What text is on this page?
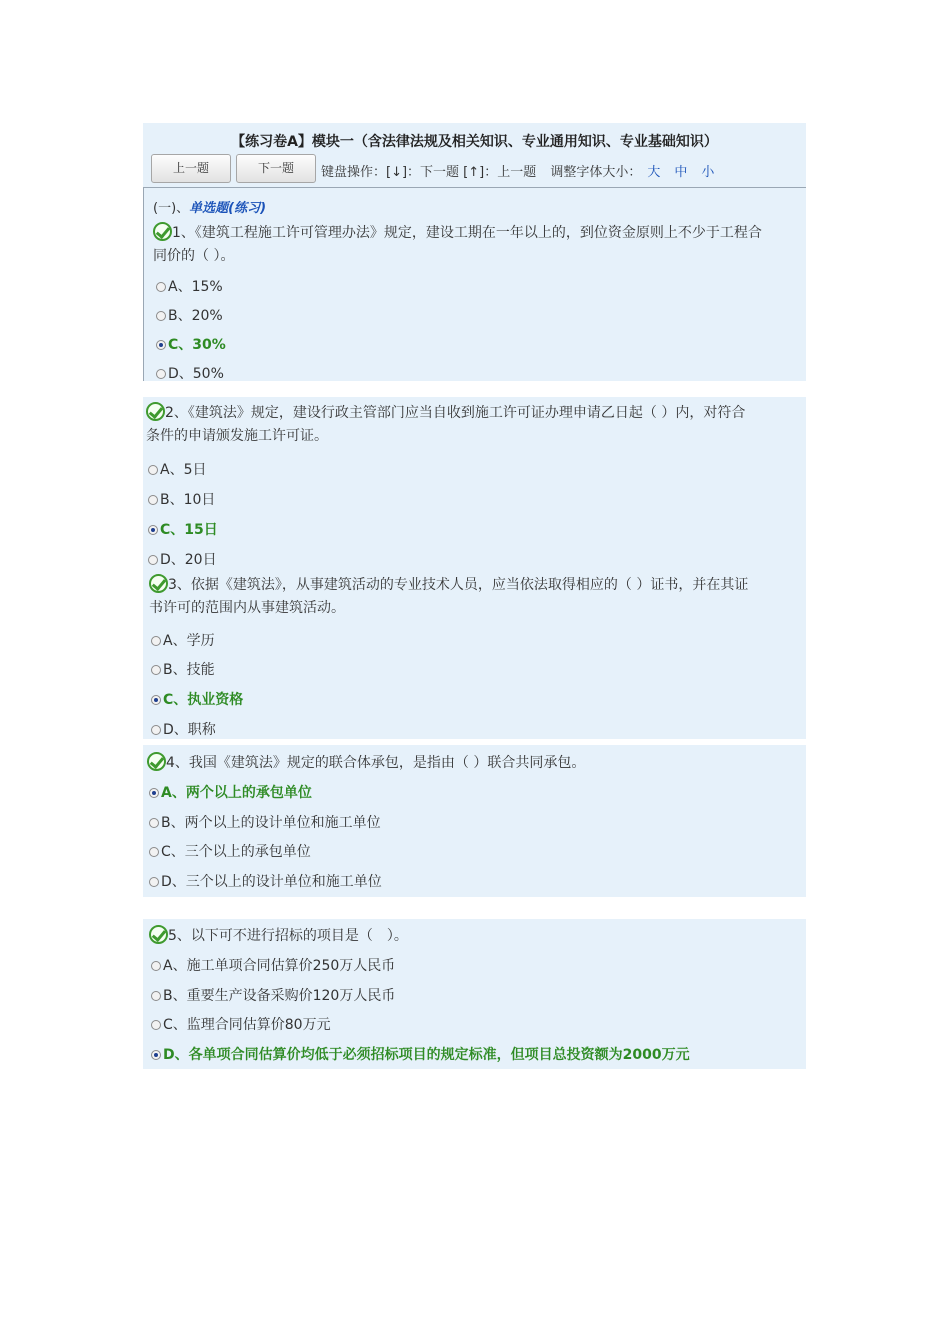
【练习卷A】模块一（含法律法规及相关知识、专业通用知识、专业基础知识）
上一题	下一题	键盘操作：[↓]：下一题 [↑]：上一题 调整字体大小： 大 中 小
(一)、单选题(练习)
1、《建筑工程施工许可管理办法》规定，建设工期在一年以上的，到位资金原则上不少于工程合
同价的（ ）。
A、15%
B、20%
C、30%
D、50%
2、《建筑法》规定，建设行政主管部门应当自收到施工许可证办理申请乙日起（ ）内，对符合
条件的申请颁发施工许可证。
A、5日
B、10日
C、15日
D、20日
3、依据《建筑法》，从事建筑活动的专业技术人员，应当依法取得相应的（ ）证书，并在其证
书许可的范围内从事建筑活动。
A、学历
B、技能
C、执业资格
D、职称
4、我国《建筑法》规定的联合体承包，是指由（ ）联合共同承包。
A、两个以上的承包单位
B、两个以上的设计单位和施工单位
C、三个以上的承包单位
D、三个以上的设计单位和施工单位
5、以下可不进行招标的项目是（　）。
A、施工单项合同估算价250万人民币
B、重要生产设备采购价120万人民币
C、监理合同估算价80万元
D、各单项合同估算价均低于必须招标项目的规定标准，但项目总投资额为2000万元
